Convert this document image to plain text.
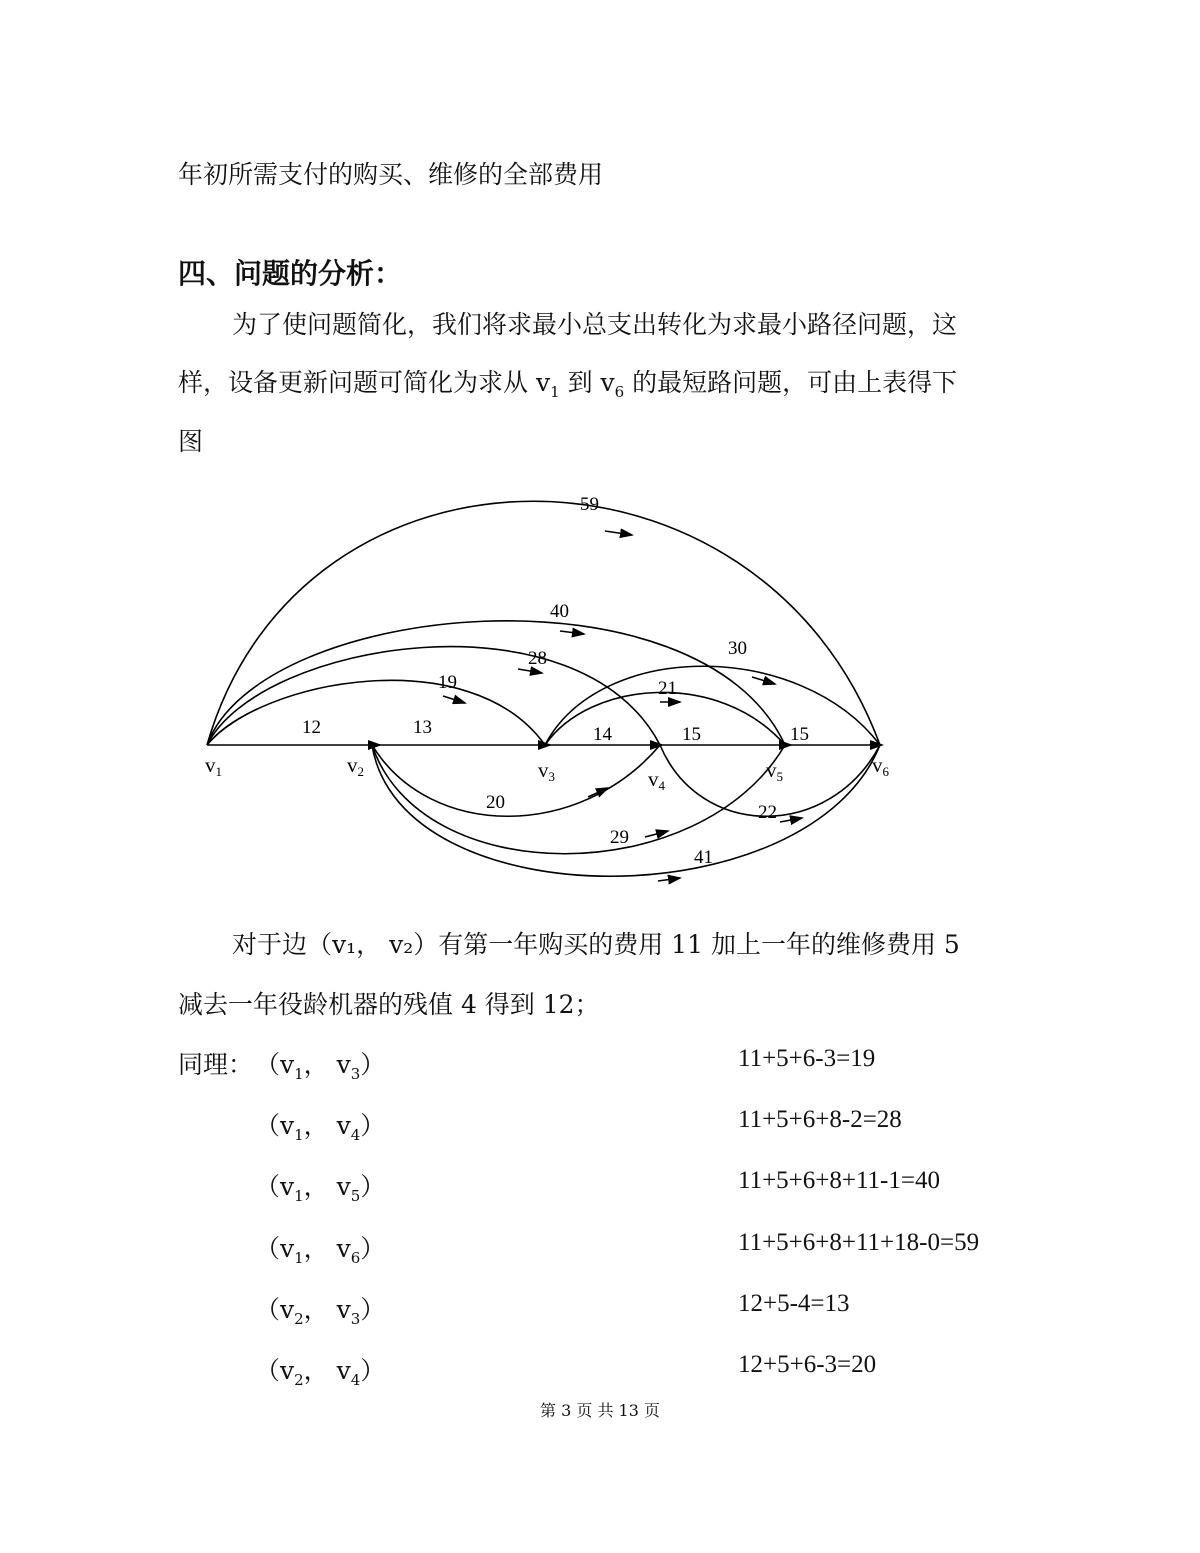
年初所需支付的购买、维修的全部费用
四、问题的分析：
为了使问题简化，我们将求最小总支出转化为求最小路径问题，这
样，设备更新问题可简化为求从 $v_1$ 到 $v_6$ 的最短路问题，可由上表得下
图
12	13	14	15	15
19
28
40
59
20
29
41
21
30
22
v1	v2	v3	v4
v5	v6
对于边（v₁， v₂）有第一年购买的费用 11 加上一年的维修费用 5
减去一年役龄机器的残值 4 得到 12；
同理： （$v_1$， $v_3$）	11+5+6-3=19
（$v_1$， $v_4$）	11+5+6+8-2=28
（$v_1$， $v_5$）	11+5+6+8+11-1=40
（$v_1$， $v_6$）	11+5+6+8+11+18-0=59
（$v_2$， $v_3$）	12+5-4=13
（$v_2$， $v_4$）	12+5+6-3=20
第 3 页 共 13 页
